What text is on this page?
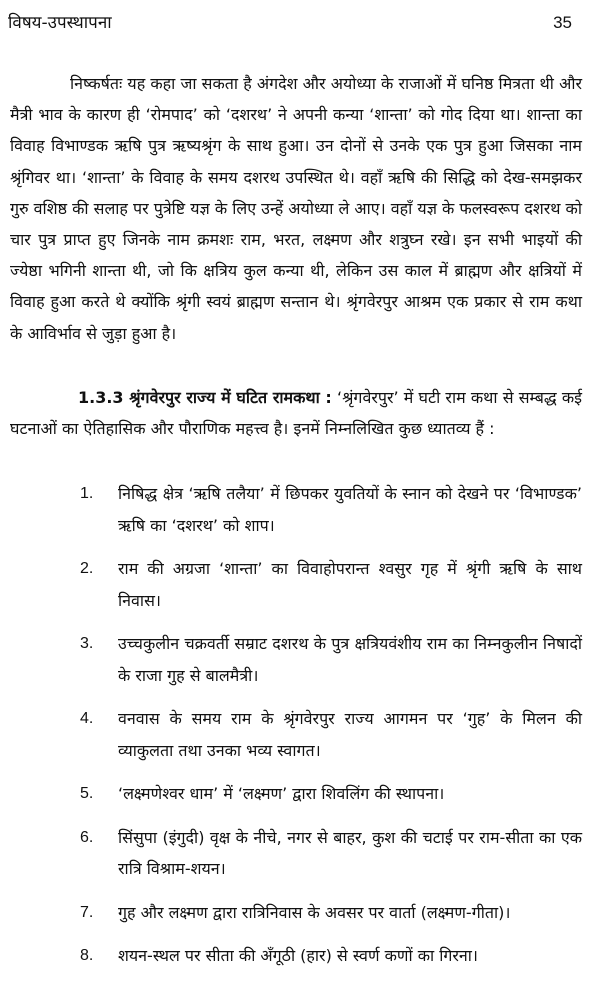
विषय-उपस्थापना	35

निष्कर्षतः यह कहा जा सकता है अंगदेश और अयोध्या के राजाओं में घनिष्ठ मित्रता थी और मैत्री भाव के कारण ही ‘रोमपाद’ को ‘दशरथ’ ने अपनी कन्या ‘शान्ता’ को गोद दिया था। शान्ता का विवाह विभाण्डक ऋषि पुत्र ऋष्यश्रृंग के साथ हुआ। उन दोनों से उनके एक पुत्र हुआ जिसका नाम श्रृंगिवर था। ‘शान्ता’ के विवाह के समय दशरथ उपस्थित थे। वहाँ ऋषि की सिद्धि को देख-समझकर गुरु वशिष्ठ की सलाह पर पुत्रेष्टि यज्ञ के लिए उन्हें अयोध्या ले आए। वहाँ यज्ञ के फलस्वरूप दशरथ को चार पुत्र प्राप्त हुए जिनके नाम क्रमशः राम, भरत, लक्ष्मण और शत्रुघ्न रखे। इन सभी भाइयों की ज्येष्ठा भगिनी शान्ता थी, जो कि क्षत्रिय कुल कन्या थी, लेकिन उस काल में ब्राह्मण और क्षत्रियों में विवाह हुआ करते थे क्योंकि श्रृंगी स्वयं ब्राह्मण सन्तान थे। श्रृंगवेरपुर आश्रम एक प्रकार से राम कथा के आविर्भाव से जुड़ा हुआ है।

1.3.3 श्रृंगवेरपुर राज्य में घटित रामकथा : ‘श्रृंगवेरपुर’ में घटी राम कथा से सम्बद्ध कई घटनाओं का ऐतिहासिक और पौराणिक महत्त्व है। इनमें निम्नलिखित कुछ ध्यातव्य हैं :

1.	निषिद्ध क्षेत्र ‘ऋषि तलैया’ में छिपकर युवतियों के स्नान को देखने पर ‘विभाण्डक’ ऋषि का ‘दशरथ’ को शाप।
2.	राम की अग्रजा ‘शान्ता’ का विवाहोपरान्त श्वसुर गृह में श्रृंगी ऋषि के साथ निवास।
3.	उच्चकुलीन चक्रवर्ती सम्राट दशरथ के पुत्र क्षत्रियवंशीय राम का निम्नकुलीन निषादों के राजा गुह से बालमैत्री।
4.	वनवास के समय राम के श्रृंगवेरपुर राज्य आगमन पर ‘गुह’ के मिलन की व्याकुलता तथा उनका भव्य स्वागत।
5.	‘लक्ष्मणेश्वर धाम’ में ‘लक्ष्मण’ द्वारा शिवलिंग की स्थापना।
6.	सिंसुपा (इंगुदी) वृक्ष के नीचे, नगर से बाहर, कुश की चटाई पर राम-सीता का एक रात्रि विश्राम-शयन।
7.	गुह और लक्ष्मण द्वारा रात्रिनिवास के अवसर पर वार्ता (लक्ष्मण-गीता)।
8.	शयन-स्थल पर सीता की अँगूठी (हार) से स्वर्ण कणों का गिरना।
